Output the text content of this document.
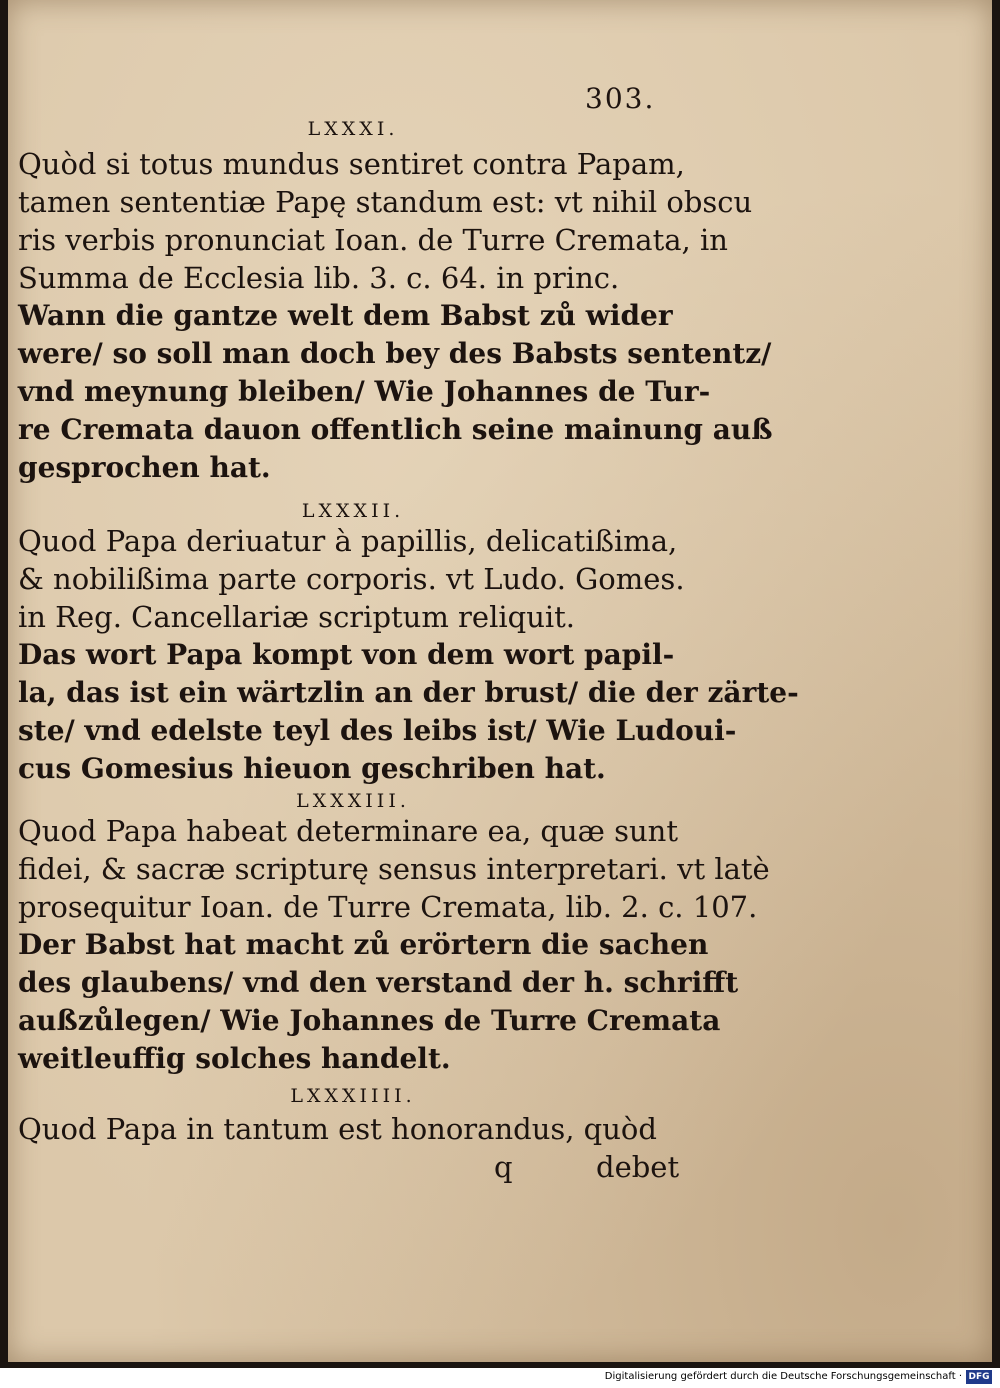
303.
LXXXI.

Quòd si totus mundus sentiret contra Papam,
tamen sententiæ Papę standum est: vt nihil obscu
ris verbis pronunciat Ioan. de Turre Cremata, in
Summa de Ecclesia lib. 3. c. 64. in princ.

Wann die gantze welt dem Babst zů wider
were/ so soll man doch bey des Babsts sententz/
vnd meynung bleiben/ Wie Johannes de Tur-
re Cremata dauon offentlich seine mainung auß
gesprochen hat.

LXXXII.

Quod Papa deriuatur à papillis, delicatißima,
& nobilißima parte corporis. vt Ludo. Gomes.
in Reg. Cancellariæ scriptum reliquit.

Das wort Papa kompt von dem wort papil-
la, das ist ein wärtzlin an der brust/ die der zärte-
ste/ vnd edelste teyl des leibs ist/ Wie Ludoui-
cus Gomesius hieuon geschriben hat.

LXXXIII.

Quod Papa habeat determinare ea, quæ sunt
fidei, & sacræ scripturę sensus interpretari. vt latè
prosequitur Ioan. de Turre Cremata, lib. 2. c. 107.

Der Babst hat macht zů erörtern die sachen
des glaubens/ vnd den verstand der h. schrifft
außzůlegen/ Wie Johannes de Turre Cremata
weitleuffig solches handelt.

LXXXIIII.

Quod Papa in tantum est honorandus, quòd

q	debet
Digitalisierung gefördert durch die Deutsche Forschungsgemeinschaft · DFG
